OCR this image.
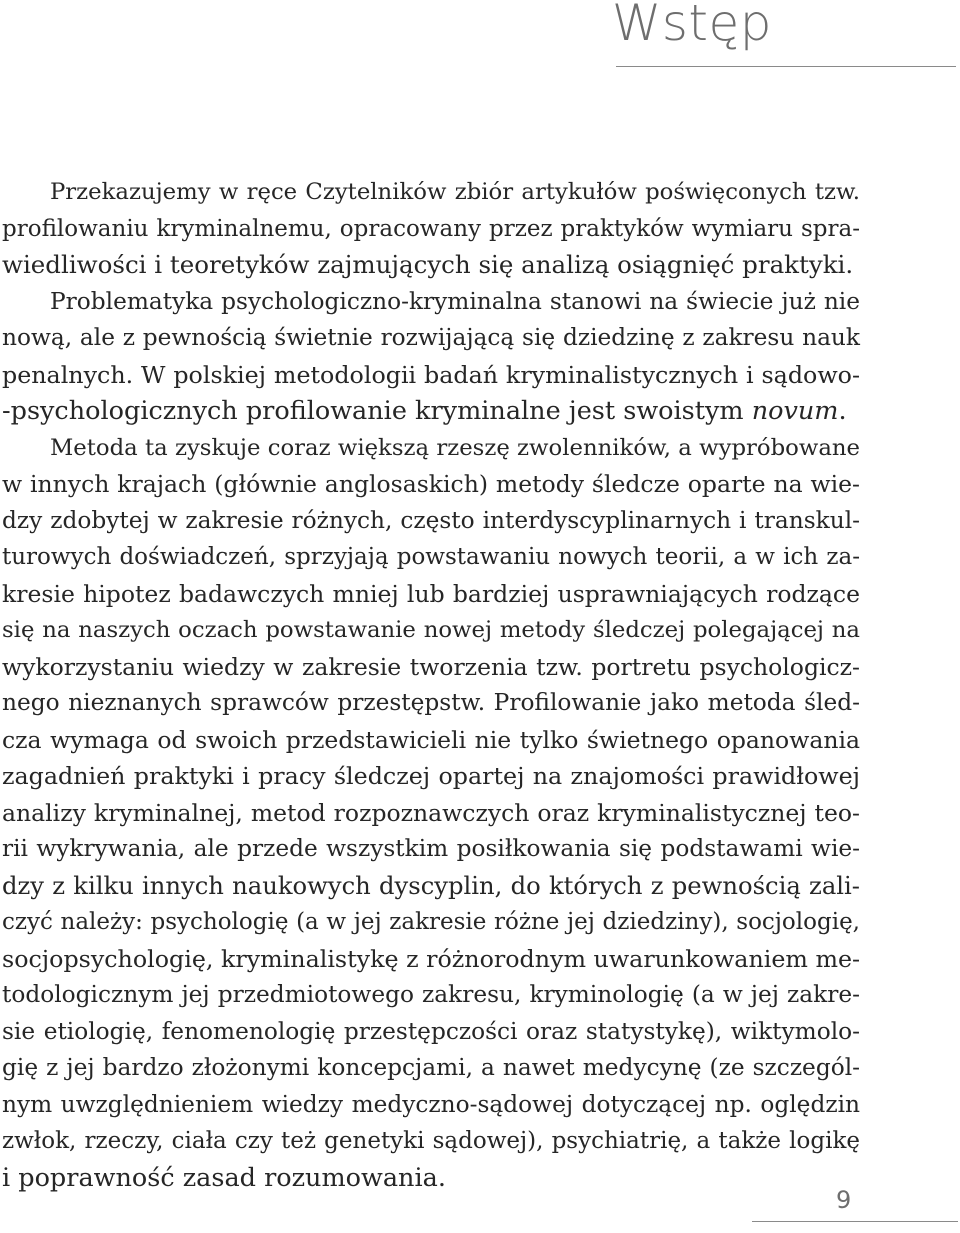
Wstęp
Przekazujemy w ręce Czytelników zbiór artykułów poświęconych tzw.
profilowaniu kryminalnemu, opracowany przez praktyków wymiaru spra-
wiedliwości i teoretyków zajmujących się analizą osiągnięć praktyki.
Problematyka psychologiczno-kryminalna stanowi na świecie już nie
nową, ale z pewnością świetnie rozwijającą się dziedzinę z zakresu nauk
penalnych. W polskiej metodologii badań kryminalistycznych i sądowo-
-psychologicznych profilowanie kryminalne jest swoistym novum.
Metoda ta zyskuje coraz większą rzeszę zwolenników, a wypróbowane
w innych krajach (głównie anglosaskich) metody śledcze oparte na wie-
dzy zdobytej w zakresie różnych, często interdyscyplinarnych i transkul-
turowych doświadczeń, sprzyjają powstawaniu nowych teorii, a w ich za-
kresie hipotez badawczych mniej lub bardziej usprawniających rodzące
się na naszych oczach powstawanie nowej metody śledczej polegającej na
wykorzystaniu wiedzy w zakresie tworzenia tzw. portretu psychologicz-
nego nieznanych sprawców przestępstw. Profilowanie jako metoda śled-
cza wymaga od swoich przedstawicieli nie tylko świetnego opanowania
zagadnień praktyki i pracy śledczej opartej na znajomości prawidłowej
analizy kryminalnej, metod rozpoznawczych oraz kryminalistycznej teo-
rii wykrywania, ale przede wszystkim posiłkowania się podstawami wie-
dzy z kilku innych naukowych dyscyplin, do których z pewnością zali-
czyć należy: psychologię (a w jej zakresie różne jej dziedziny), socjologię,
socjopsychologię, kryminalistykę z różnorodnym uwarunkowaniem me-
todologicznym jej przedmiotowego zakresu, kryminologię (a w jej zakre-
sie etiologię, fenomenologię przestępczości oraz statystykę), wiktymolo-
gię z jej bardzo złożonymi koncepcjami, a nawet medycynę (ze szczegól-
nym uwzględnieniem wiedzy medyczno-sądowej dotyczącej np. oględzin
zwłok, rzeczy, ciała czy też genetyki sądowej), psychiatrię, a także logikę
i poprawność zasad rozumowania.
9
